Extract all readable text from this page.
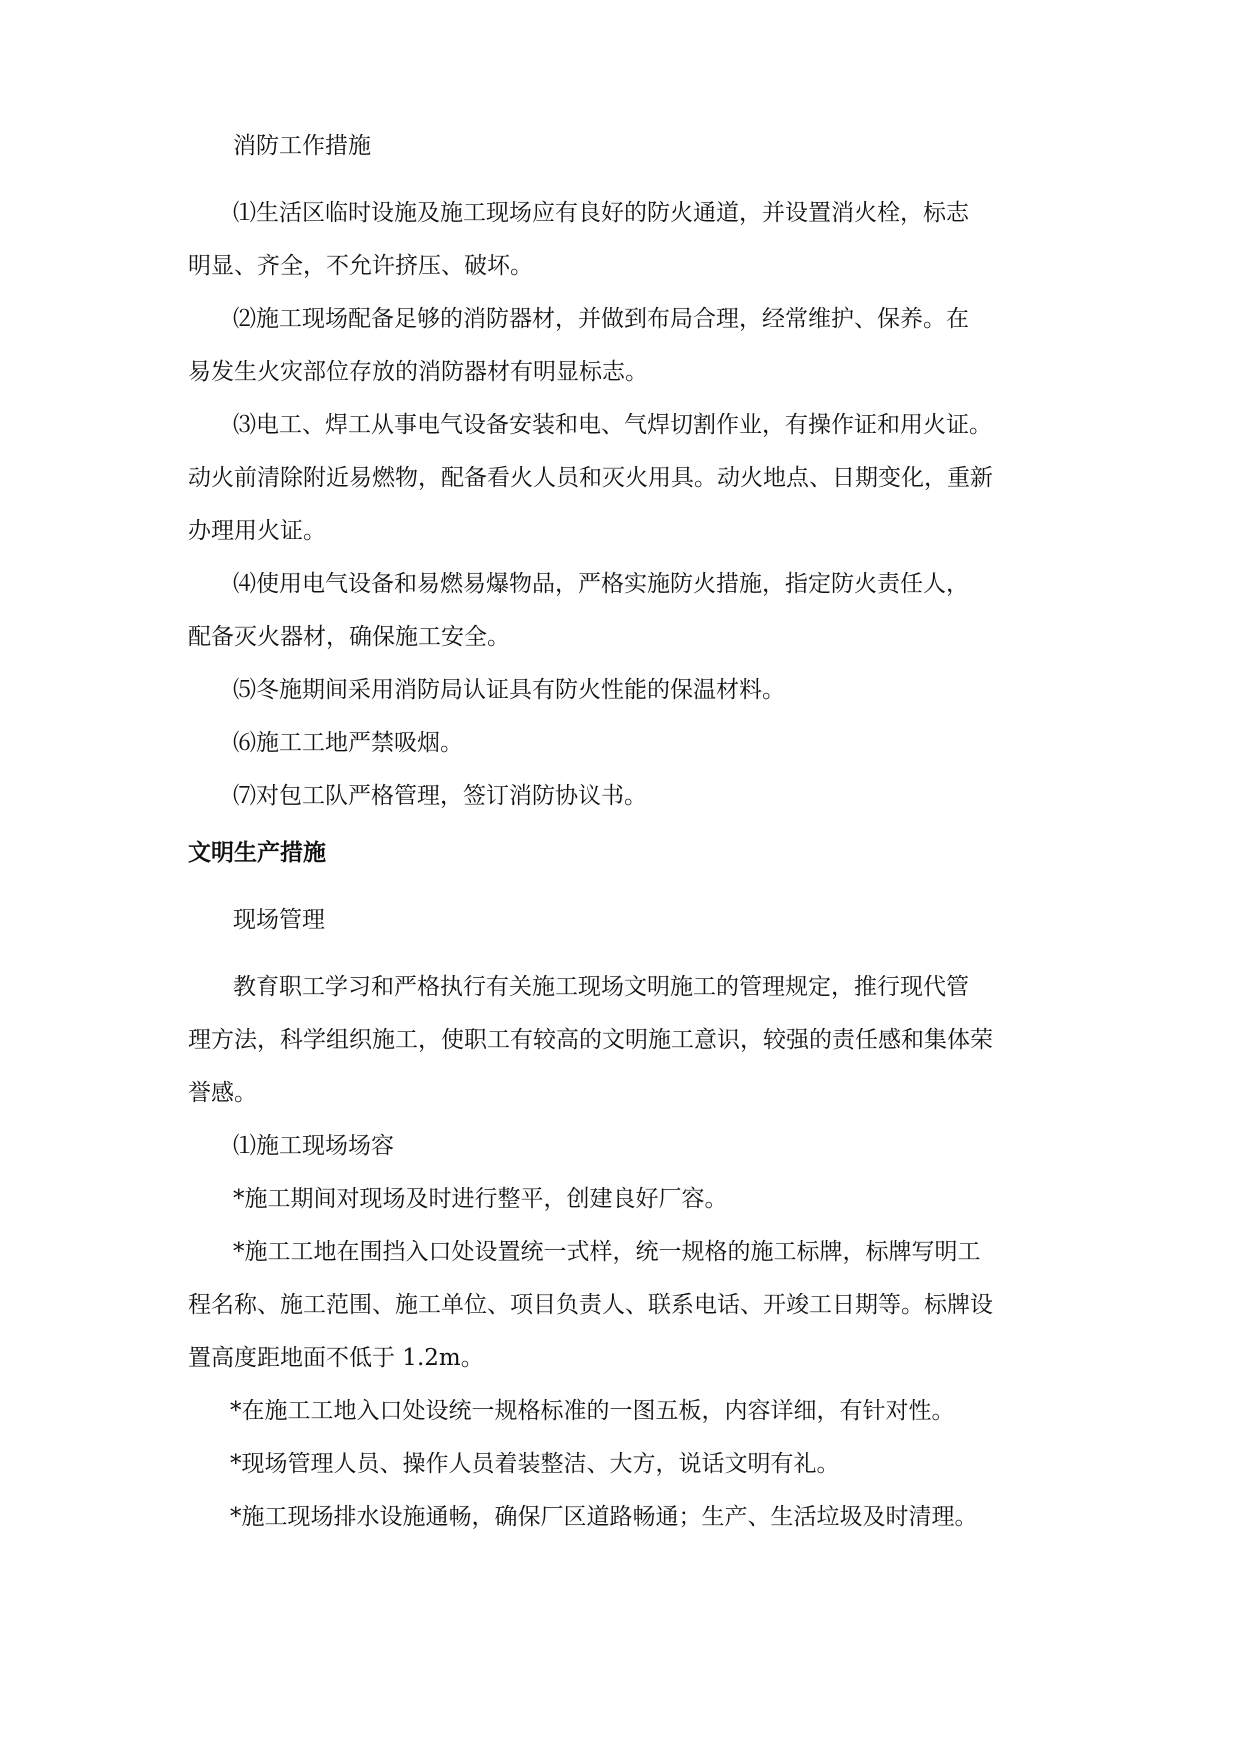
消防工作措施
⑴生活区临时设施及施工现场应有良好的防火通道，并设置消火栓，标志
明显、齐全，不允许挤压、破坏。
⑵施工现场配备足够的消防器材，并做到布局合理，经常维护、保养。在
易发生火灾部位存放的消防器材有明显标志。
⑶电工、焊工从事电气设备安装和电、气焊切割作业，有操作证和用火证。
动火前清除附近易燃物，配备看火人员和灭火用具。动火地点、日期变化，重新
办理用火证。
⑷使用电气设备和易燃易爆物品，严格实施防火措施，指定防火责任人，
配备灭火器材，确保施工安全。
⑸冬施期间采用消防局认证具有防火性能的保温材料。
⑹施工工地严禁吸烟。
⑺对包工队严格管理，签订消防协议书。
文明生产措施
现场管理
教育职工学习和严格执行有关施工现场文明施工的管理规定，推行现代管
理方法，科学组织施工，使职工有较高的文明施工意识，较强的责任感和集体荣
誉感。
⑴施工现场场容
*施工期间对现场及时进行整平，创建良好厂容。
*施工工地在围挡入口处设置统一式样，统一规格的施工标牌，标牌写明工
程名称、施工范围、施工单位、项目负责人、联系电话、开竣工日期等。标牌设
置高度距地面不低于 1.2m。
*在施工工地入口处设统一规格标准的一图五板，内容详细，有针对性。
*现场管理人员、操作人员着装整洁、大方，说话文明有礼。
*施工现场排水设施通畅，确保厂区道路畅通；生产、生活垃圾及时清理。
